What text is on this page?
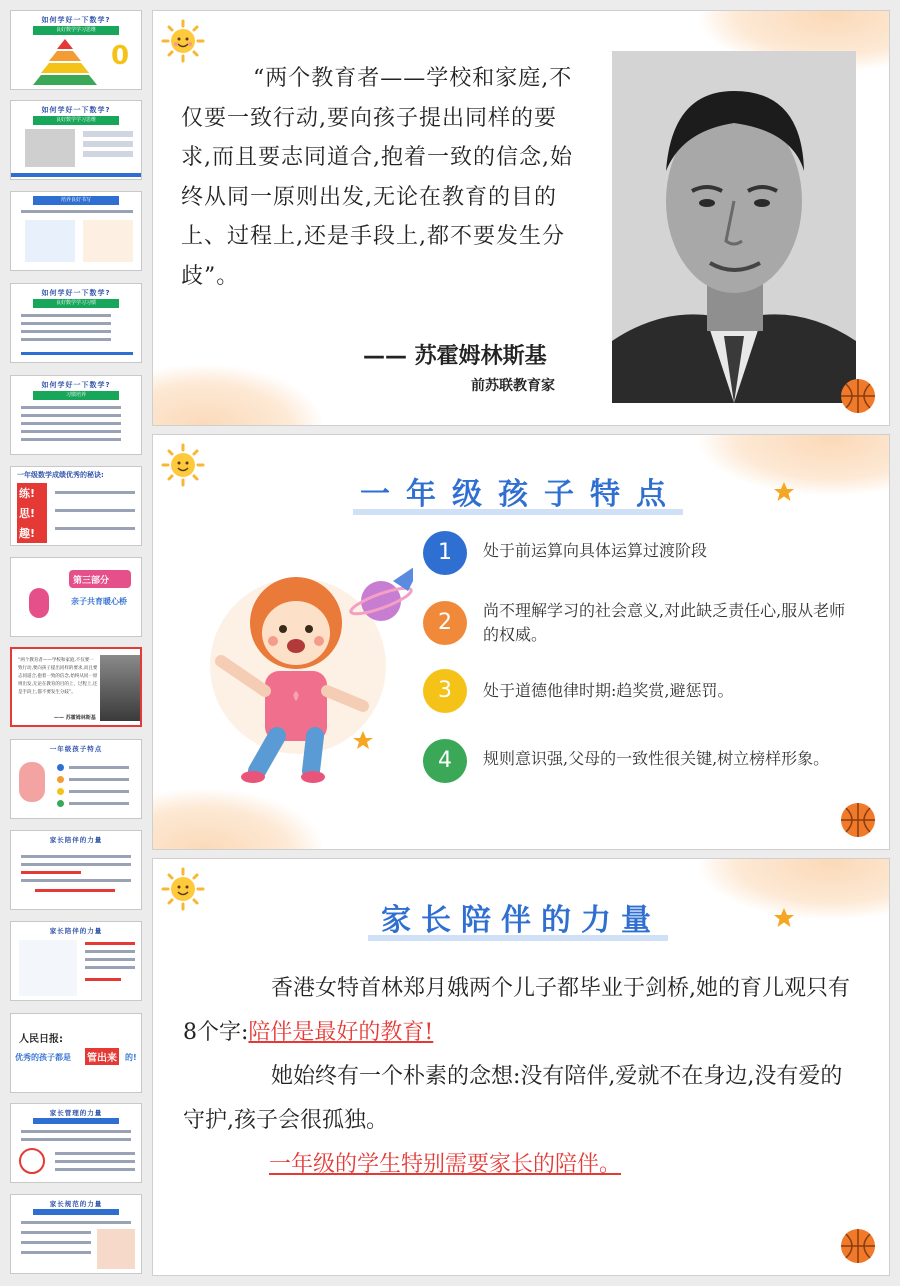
如何学好一下数学?
良好数学学习思维
0
如何学好一下数学?
良好数学学习思维
培养良好书写
如何学好一下数学?
良好数学学习习惯
如何学好一下数学?
习惯培养
一年级数学成绩优秀的秘诀:
练!
思!
趣!
第三部分
亲子共育暖心桥
“两个教育者——学校和家庭,不仅要一致行动,要向孩子提出同样的要求,而且要志同道合,抱着一致的信念,始终从同一原则出发,无论在教育的目的上、过程上,还是手段上,都不要发生分歧”。
—— 苏霍姆林斯基
一年级孩子特点
家长陪伴的力量
家长陪伴的力量
人民日报:
优秀的孩子都是 管出来 的!
家长管理的力量
家长规范的力量
“两个教育者——学校和家庭,不仅要一致行动,要向孩子提出同样的要求,而且要志同道合,抱着一致的信念,始终从同一原则出发,无论在教育的目的上、过程上,还是手段上,都不要发生分歧”。
—— 苏霍姆林斯基
前苏联教育家
一年级孩子特点
1	处于前运算向具体运算过渡阶段
2	尚不理解学习的社会意义,对此缺乏责任心,服从老师的权威。
3	处于道德他律时期:趋奖赏,避惩罚。
4	规则意识强,父母的一致性很关键,树立榜样形象。
家长陪伴的力量
香港女特首林郑月娥两个儿子都毕业于剑桥,她的育儿观只有8个字:陪伴是最好的教育!
她始终有一个朴素的念想:没有陪伴,爱就不在身边,没有爱的守护,孩子会很孤独。
一年级的学生特别需要家长的陪伴。
